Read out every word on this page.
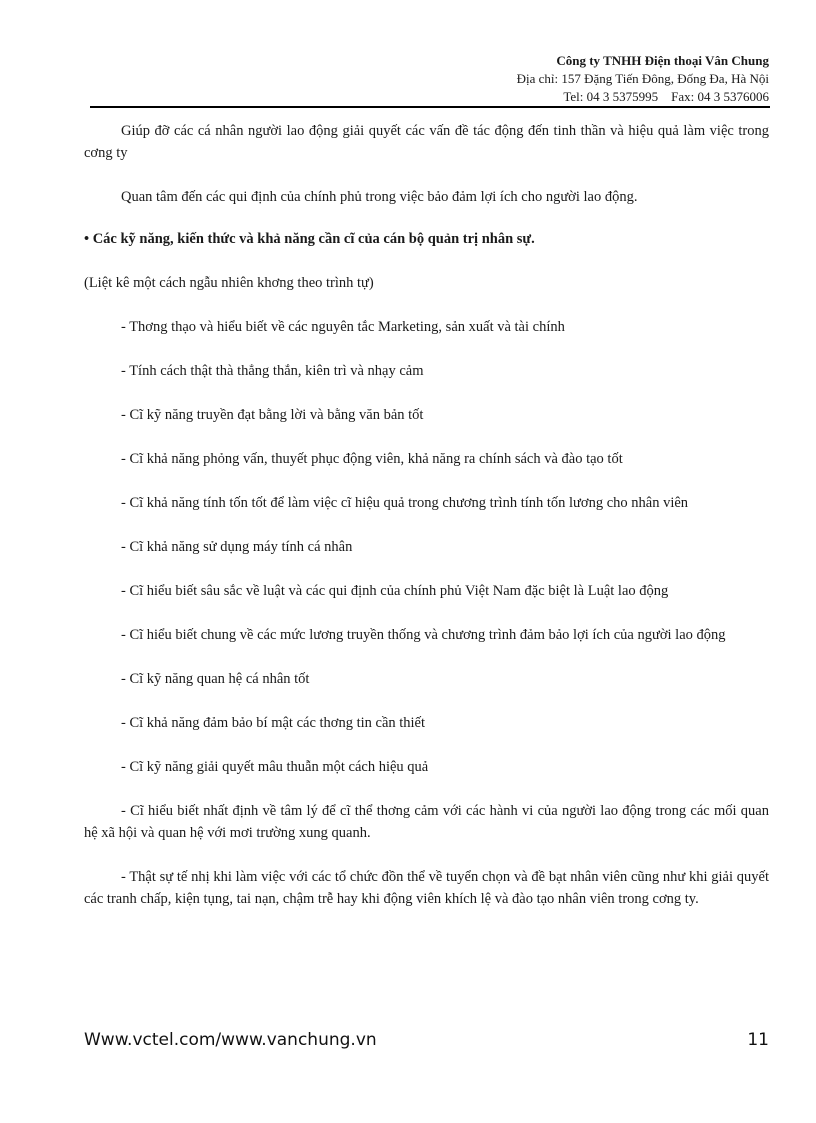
Công ty TNHH Điện thoại Vân Chung
Địa chỉ: 157 Đặng Tiến Đông, Đống Đa, Hà Nội
Tel: 04 3 5375995    Fax: 04 3 5376006

Giúp đỡ các cá nhân người lao động giải quyết các vấn đề tác động đến tinh thần và hiệu quả làm việc trong cơng ty

Quan tâm đến các qui định của chính phủ trong việc bảo đảm lợi ích cho người lao động.

• Các kỹ năng, kiến thức và khả năng cần cĩ của cán bộ quản trị nhân sự.

(Liệt kê một cách ngẫu nhiên khơng theo trình tự)

- Thơng thạo và hiểu biết về các nguyên tắc Marketing, sản xuất và tài chính

- Tính cách thật thà thẳng thắn, kiên trì và nhạy cảm

- Cĩ kỹ năng truyền đạt bằng lời và bằng văn bản tốt

- Cĩ khả năng phỏng vấn, thuyết phục động viên, khả năng ra chính sách và đào tạo tốt

- Cĩ khả năng tính tốn tốt để làm việc cĩ hiệu quả trong chương trình tính tốn lương cho nhân viên

- Cĩ khả năng sử dụng máy tính cá nhân

- Cĩ hiểu biết sâu sắc về luật và các qui định của chính phủ Việt Nam đặc biệt là Luật lao động

- Cĩ hiểu biết chung về các mức lương truyền thống và chương trình đảm bảo lợi ích của người lao động

- Cĩ kỹ năng quan hệ cá nhân tốt

- Cĩ khả năng đảm bảo bí mật các thơng tin cần thiết

- Cĩ kỹ năng giải quyết mâu thuẫn một cách hiệu quả

- Cĩ hiểu biết nhất định về tâm lý để cĩ thể thơng cảm với các hành vi của người lao động trong các mối quan hệ xã hội và quan hệ với mơi trường xung quanh.

- Thật sự tế nhị khi làm việc với các tổ chức đồn thể về tuyển chọn và đề bạt nhân viên cũng như khi giải quyết các tranh chấp, kiện tụng, tai nạn, chậm trễ hay khi động viên khích lệ và đào tạo nhân viên trong cơng ty.

Www.vctel.com/www.vanchung.vn	11
